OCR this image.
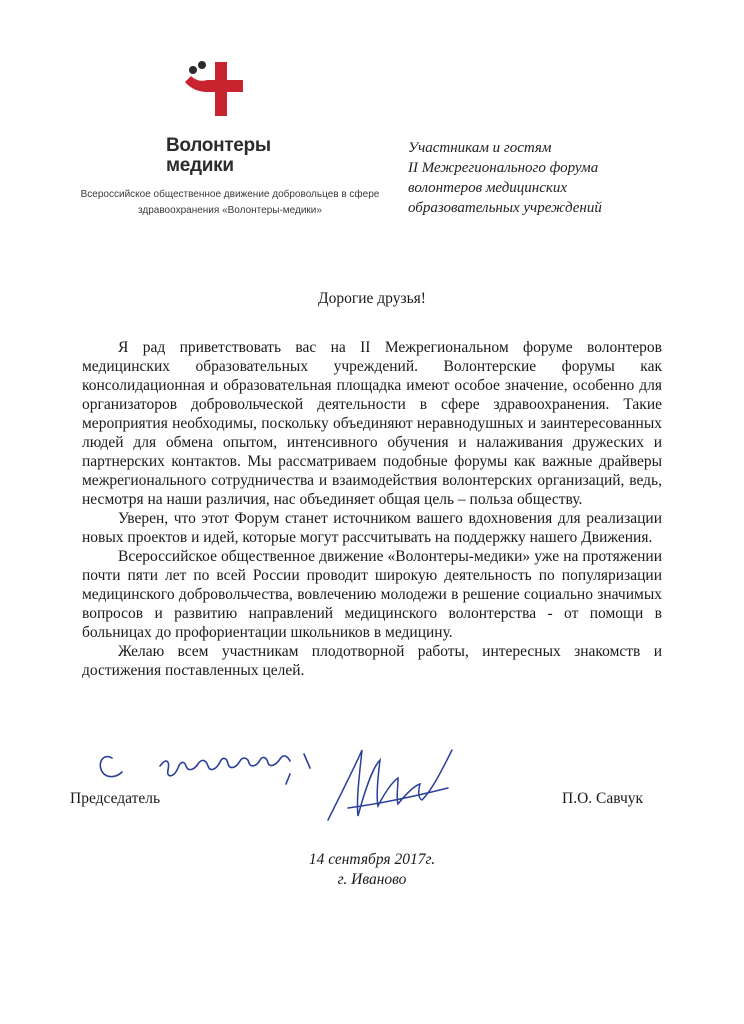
Волонтеры
медики
Всероссийское общественное движение добровольцев в сфере
здравоохранения «Волонтеры-медики»
Участникам и гостям
II Межрегионального форума
волонтеров медицинских
образовательных учреждений
Дорогие друзья!

Я рад приветствовать вас на II Межрегиональном форуме волонтеров медицинских образовательных учреждений. Волонтерские форумы как консолидационная и образовательная площадка имеют особое значение, особенно для организаторов добровольческой деятельности в сфере здравоохранения. Такие мероприятия необходимы, поскольку объединяют неравнодушных и заинтересованных людей для обмена опытом, интенсивного обучения и налаживания дружеских и партнерских контактов. Мы рассматриваем подобные форумы как важные драйверы межрегионального сотрудничества и взаимодействия волонтерских организаций, ведь, несмотря на наши различия, нас объединяет общая цель – польза обществу.

Уверен, что этот Форум станет источником вашего вдохновения для реализации новых проектов и идей, которые могут рассчитывать на поддержку нашего Движения.

Всероссийское общественное движение «Волонтеры-медики» уже на протяжении почти пяти лет по всей России проводит широкую деятельность по популяризации медицинского добровольчества, вовлечению молодежи в решение социально значимых вопросов и развитию направлений медицинского волонтерства - от помощи в больницах до профориентации школьников в медицину.

Желаю всем участникам плодотворной работы, интересных знакомств и достижения поставленных целей.

Председатель	П.О. Савчук
14 сентября 2017г.
г. Иваново
